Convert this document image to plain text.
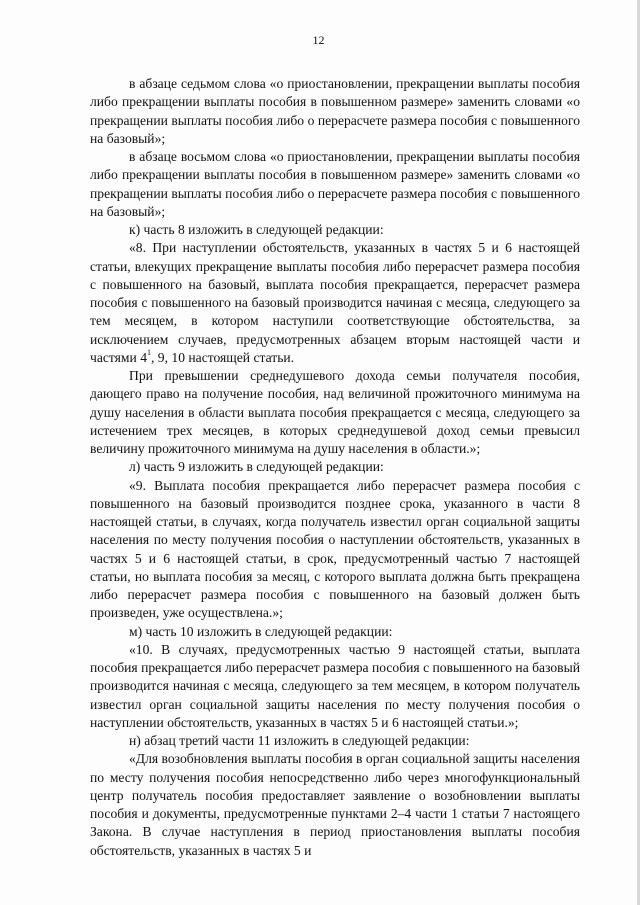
12

в абзаце седьмом слова «о приостановлении, прекращении выплаты пособия либо прекращении выплаты пособия в повышенном размере» заменить словами «о прекращении выплаты пособия либо о перерасчете размера пособия с повышенного на базовый»;

в абзаце восьмом слова «о приостановлении, прекращении выплаты пособия либо прекращении выплаты пособия в повышенном размере» заменить словами «о прекращении выплаты пособия либо о перерасчете размера пособия с повышенного на базовый»;

к) часть 8 изложить в следующей редакции:

«8. При наступлении обстоятельств, указанных в частях 5 и 6 настоящей статьи, влекущих прекращение выплаты пособия либо перерасчет размера пособия с повышенного на базовый, выплата пособия прекращается, перерасчет размера пособия с повышенного на базовый производится начиная с месяца, следующего за тем месяцем, в котором наступили соответствующие обстоятельства, за исключением случаев, предусмотренных абзацем вторым настоящей части и частями $4^1$, 9, 10 настоящей статьи.

При превышении среднедушевого дохода семьи получателя пособия, дающего право на получение пособия, над величиной прожиточного минимума на душу населения в области выплата пособия прекращается с месяца, следующего за истечением трех месяцев, в которых среднедушевой доход семьи превысил величину прожиточного минимума на душу населения в области.»;

л) часть 9 изложить в следующей редакции:

«9. Выплата пособия прекращается либо перерасчет размера пособия с повышенного на базовый производится позднее срока, указанного в части 8 настоящей статьи, в случаях, когда получатель известил орган социальной защиты населения по месту получения пособия о наступлении обстоятельств, указанных в частях 5 и 6 настоящей статьи, в срок, предусмотренный частью 7 настоящей статьи, но выплата пособия за месяц, с которого выплата должна быть прекращена либо перерасчет размера пособия с повышенного на базовый должен быть произведен, уже осуществлена.»;

м) часть 10 изложить в следующей редакции:

«10. В случаях, предусмотренных частью 9 настоящей статьи, выплата пособия прекращается либо перерасчет размера пособия с повышенного на базовый производится начиная с месяца, следующего за тем месяцем, в котором получатель известил орган социальной защиты населения по месту получения пособия о наступлении обстоятельств, указанных в частях 5 и 6 настоящей статьи.»;

н) абзац третий части 11 изложить в следующей редакции:

«Для возобновления выплаты пособия в орган социальной защиты населения по месту получения пособия непосредственно либо через многофункциональный центр получатель пособия предоставляет заявление о возобновлении выплаты пособия и документы, предусмотренные пунктами 2–4 части 1 статьи 7 настоящего Закона. В случае наступления в период приостановления выплаты пособия обстоятельств, указанных в частях 5 и
